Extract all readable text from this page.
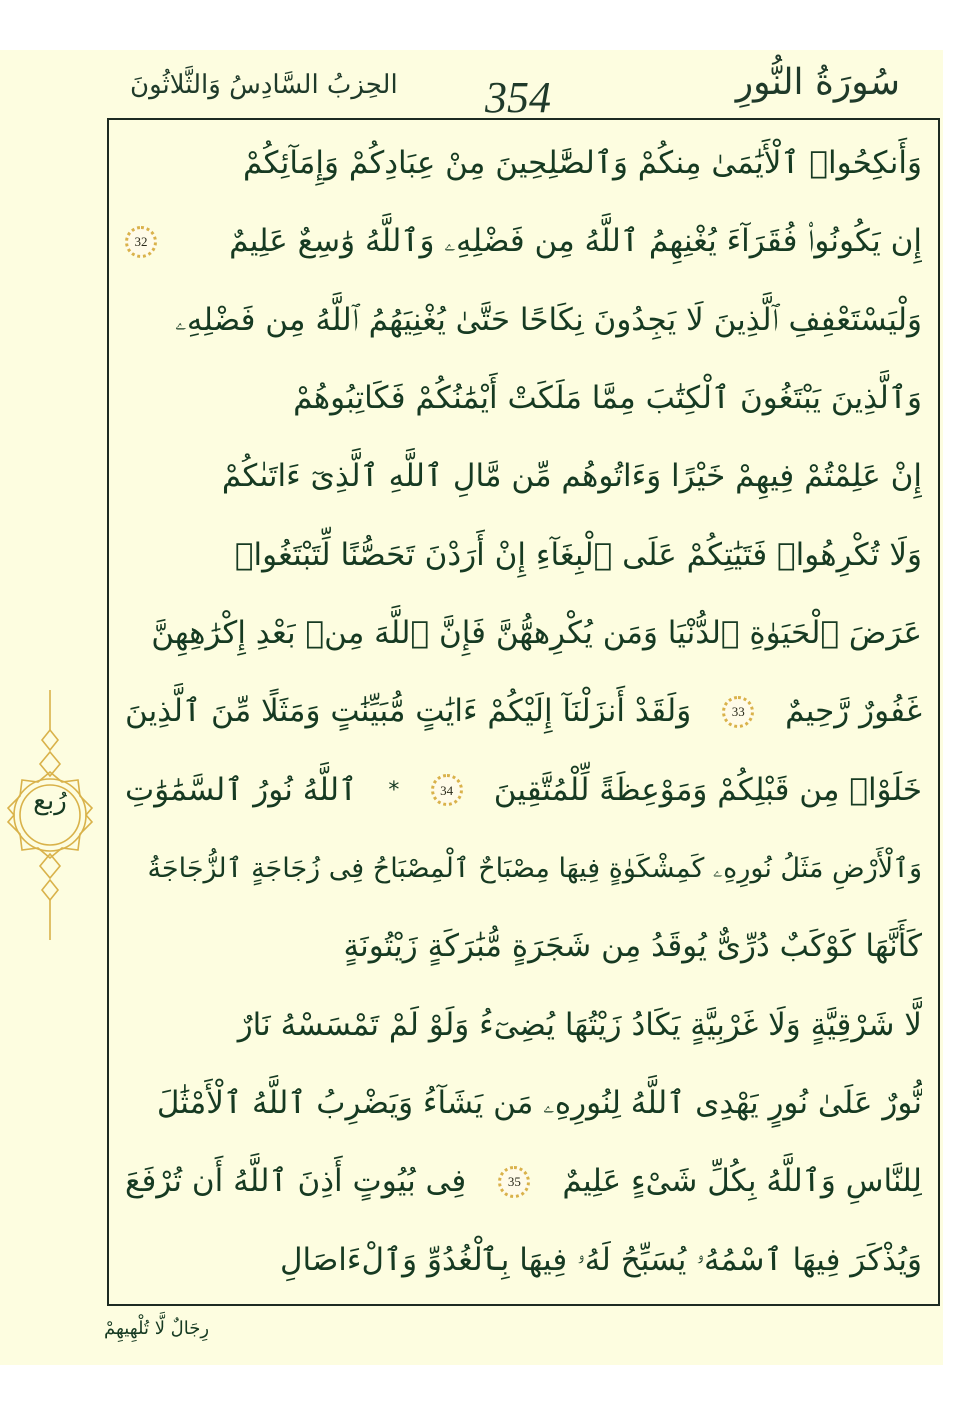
سُورَةُ النُّورِ
354
الحِزبُ السَّادِسُ وَالثَّلاثُونَ
رُبع
وَأَنكِحُوا۟ ٱلْأَيَٰمَىٰ مِنكُمْ وَٱلصَّٰلِحِينَ مِنْ عِبَادِكُمْ وَإِمَآئِكُمْ
إِن يَكُونُوا۟ فُقَرَآءَ يُغْنِهِمُ ٱللَّهُ مِن فَضْلِهِۦ وَٱللَّهُ وَٰسِعٌ عَلِيمٌ
32
وَلْيَسْتَعْفِفِ ٱلَّذِينَ لَا يَجِدُونَ نِكَاحًا حَتَّىٰ يُغْنِيَهُمُ ٱللَّهُ مِن فَضْلِهِۦ
وَٱلَّذِينَ يَبْتَغُونَ ٱلْكِتَٰبَ مِمَّا مَلَكَتْ أَيْمَٰنُكُمْ فَكَاتِبُوهُمْ
إِنْ عَلِمْتُمْ فِيهِمْ خَيْرًا وَءَاتُوهُم مِّن مَّالِ ٱللَّهِ ٱلَّذِىٓ ءَاتَىٰكُمْ
وَلَا تُكْرِهُوا۟ فَتَيَٰتِكُمْ عَلَى ٱلْبِغَآءِ إِنْ أَرَدْنَ تَحَصُّنًا لِّتَبْتَغُوا۟
عَرَضَ ٱلْحَيَوٰةِ ٱلدُّنْيَا وَمَن يُكْرِههُّنَّ فَإِنَّ ٱللَّهَ مِنۢ بَعْدِ إِكْرَٰهِهِنَّ
غَفُورٌ رَّحِيمٌ
33
وَلَقَدْ أَنزَلْنَآ إِلَيْكُمْ ءَايَٰتٍ مُّبَيِّنَٰتٍ وَمَثَلًا مِّنَ ٱلَّذِينَ
خَلَوْا۟ مِن قَبْلِكُمْ وَمَوْعِظَةً لِّلْمُتَّقِينَ
34
*
ٱللَّهُ نُورُ ٱلسَّمَٰوَٰتِ
وَٱلْأَرْضِ مَثَلُ نُورِهِۦ كَمِشْكَوٰةٍ فِيهَا مِصْبَاحٌ ٱلْمِصْبَاحُ فِى زُجَاجَةٍ ٱلزُّجَاجَةُ
كَأَنَّهَا كَوْكَبٌ دُرِّىٌّ يُوقَدُ مِن شَجَرَةٍ مُّبَٰرَكَةٍ زَيْتُونَةٍ
لَّا شَرْقِيَّةٍ وَلَا غَرْبِيَّةٍ يَكَادُ زَيْتُهَا يُضِىٓءُ وَلَوْ لَمْ تَمْسَسْهُ نَارٌ
نُّورٌ عَلَىٰ نُورٍ يَهْدِى ٱللَّهُ لِنُورِهِۦ مَن يَشَآءُ وَيَضْرِبُ ٱللَّهُ ٱلْأَمْثَٰلَ
لِلنَّاسِ وَٱللَّهُ بِكُلِّ شَىْءٍ عَلِيمٌ
35
فِى بُيُوتٍ أَذِنَ ٱللَّهُ أَن تُرْفَعَ
وَيُذْكَرَ فِيهَا ٱسْمُهُۥ يُسَبِّحُ لَهُۥ فِيهَا بِٱلْغُدُوِّ وَٱلْءَاصَالِ
رِجَالٌ لَّا تُلْهِيهِمْ
